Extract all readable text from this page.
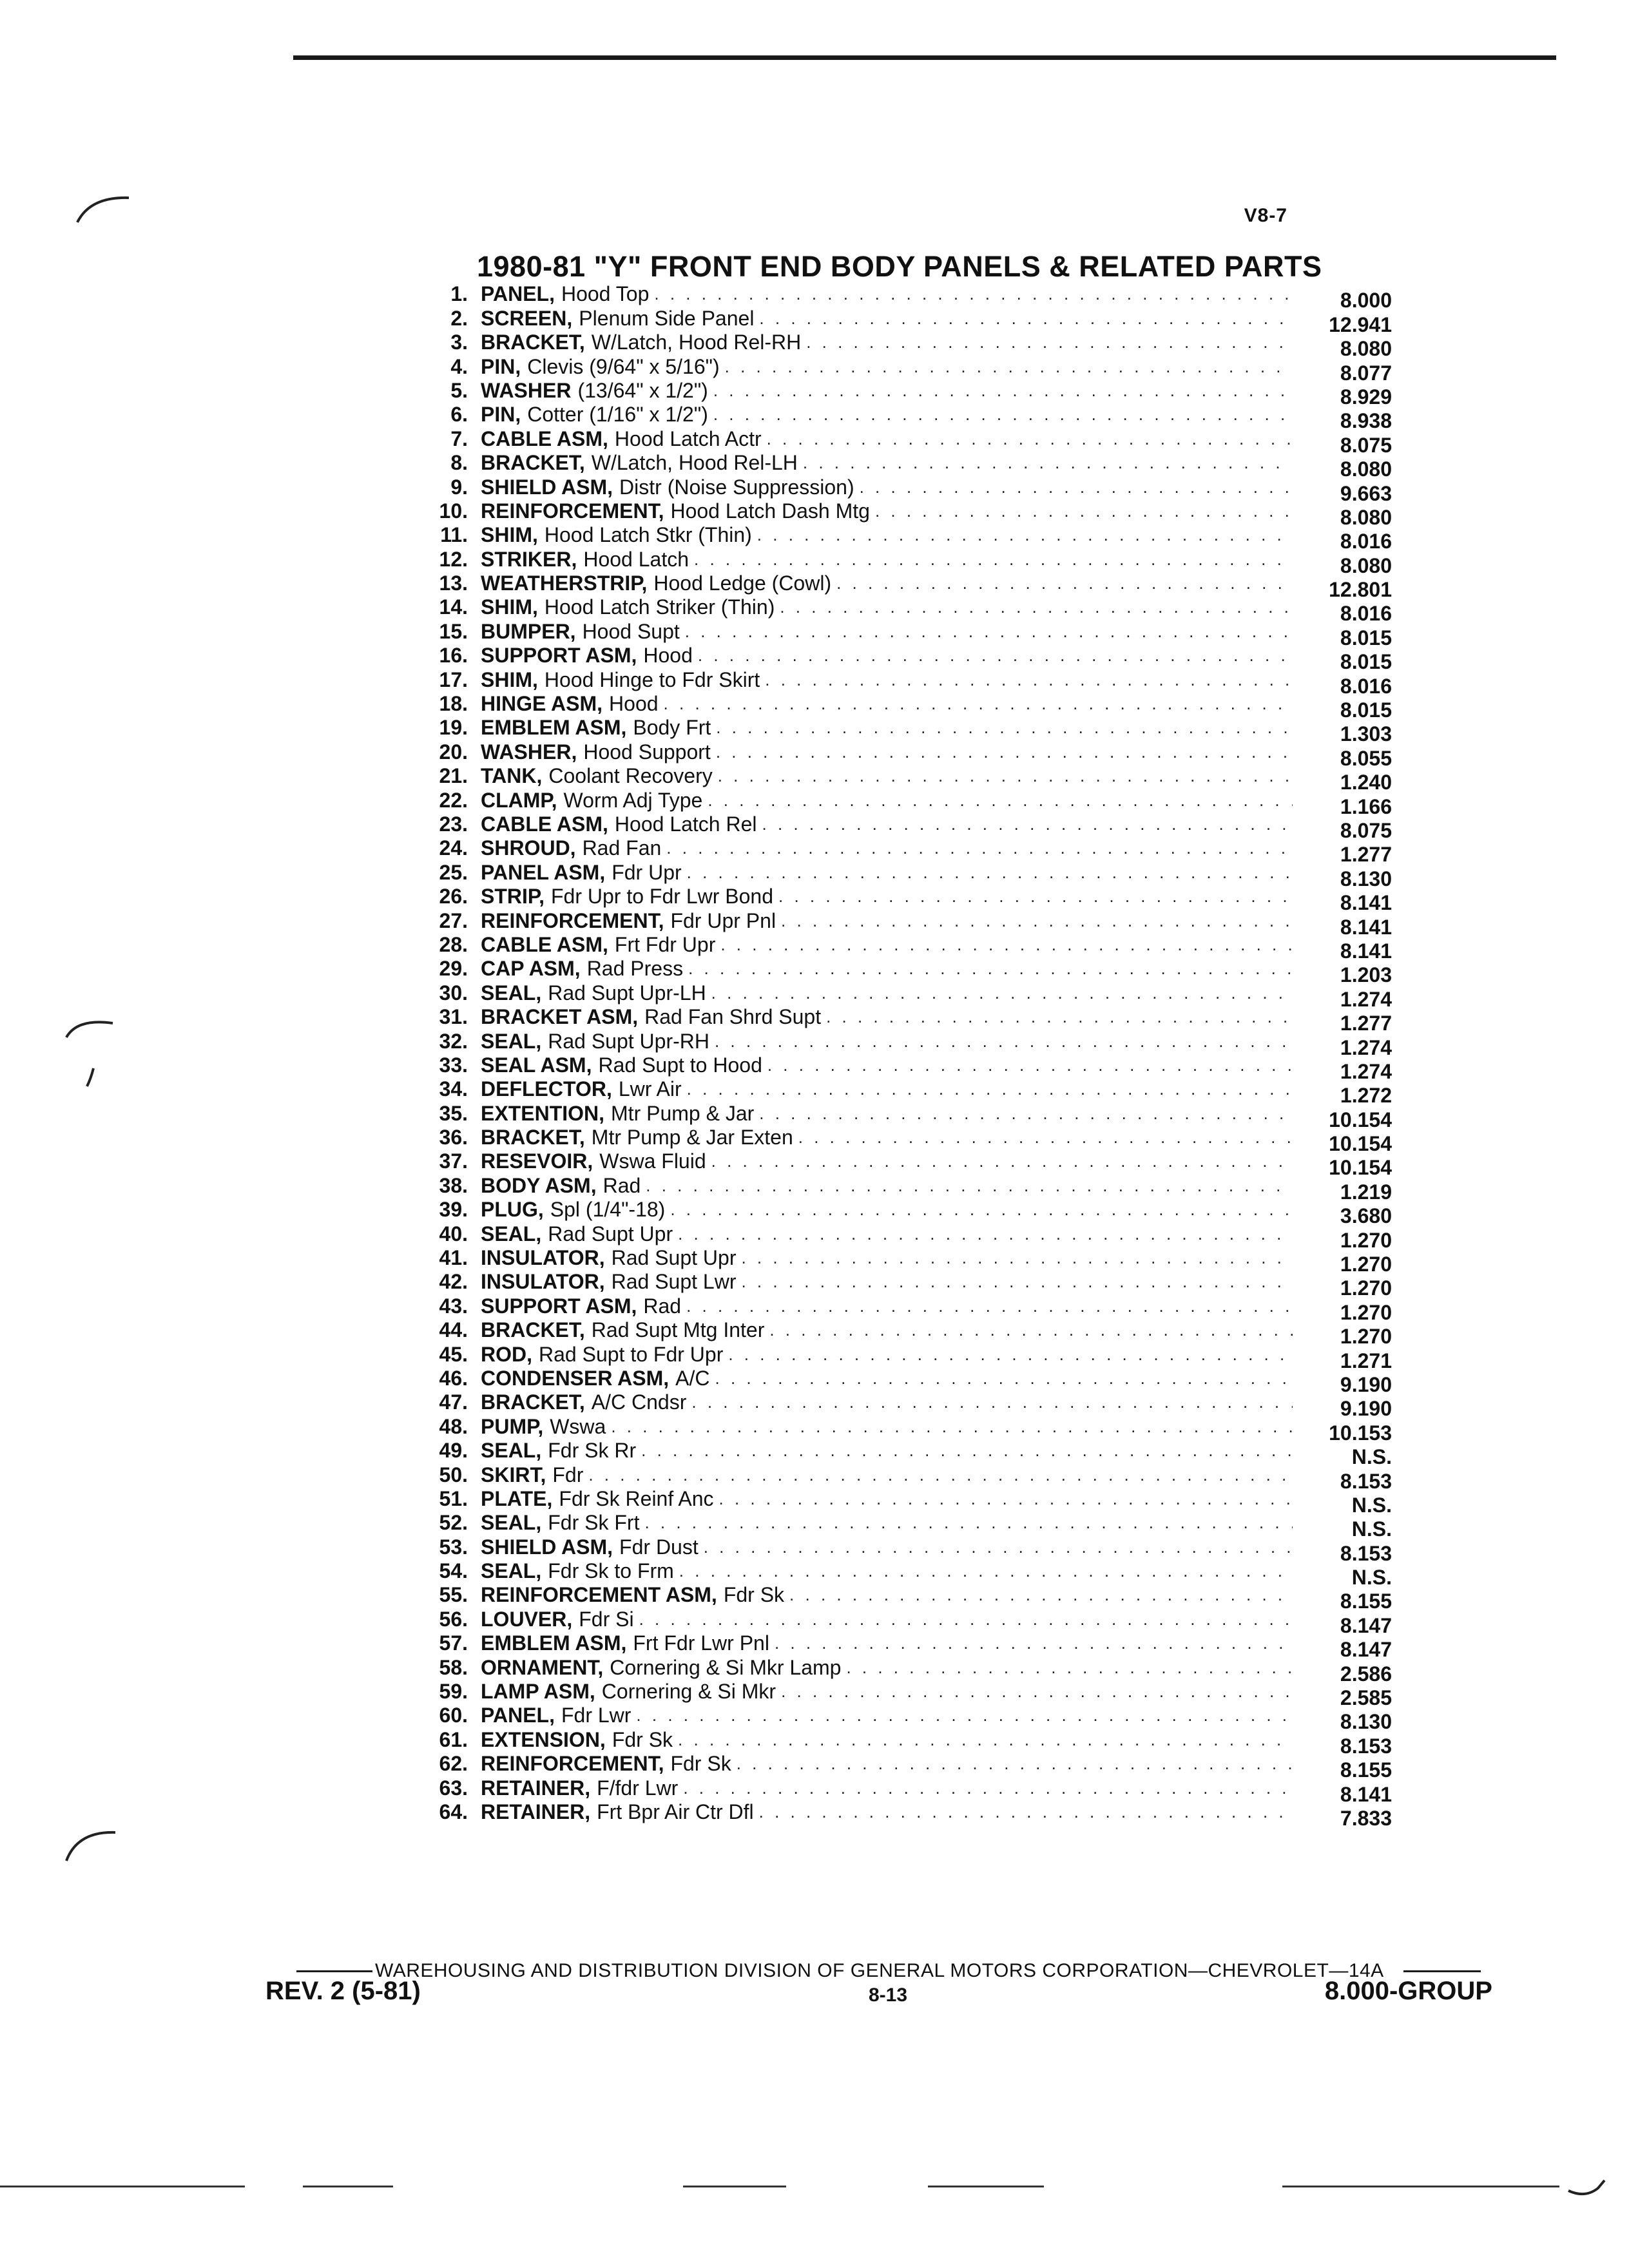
V8-7
1980-81 "Y" FRONT END BODY PANELS & RELATED PARTS
1. PANEL, Hood Top . . .	8.000
2. SCREEN, Plenum Side Panel . . .	12.941
3. BRACKET, W/Latch, Hood Rel-RH . . .	8.080
4. PIN, Clevis (9/64" x 5/16") . . .	8.077
5. WASHER (13/64" x 1/2") . . .	8.929
6. PIN, Cotter (1/16" x 1/2") . . .	8.938
7. CABLE ASM, Hood Latch Actr . . .	8.075
8. BRACKET, W/Latch, Hood Rel-LH . . .	8.080
9. SHIELD ASM, Distr (Noise Suppression) . . .	9.663
10. REINFORCEMENT, Hood Latch Dash Mtg . . .	8.080
11. SHIM, Hood Latch Stkr (Thin) . . .	8.016
12. STRIKER, Hood Latch . . .	8.080
13. WEATHERSTRIP, Hood Ledge (Cowl) . . .	12.801
14. SHIM, Hood Latch Striker (Thin) . . .	8.016
15. BUMPER, Hood Supt . . .	8.015
16. SUPPORT ASM, Hood . . .	8.015
17. SHIM, Hood Hinge to Fdr Skirt . . .	8.016
18. HINGE ASM, Hood . . .	8.015
19. EMBLEM ASM, Body Frt . . .	1.303
20. WASHER, Hood Support . . .	8.055
21. TANK, Coolant Recovery . . .	1.240
22. CLAMP, Worm Adj Type . . .	1.166
23. CABLE ASM, Hood Latch Rel . . .	8.075
24. SHROUD, Rad Fan . . .	1.277
25. PANEL ASM, Fdr Upr . . .	8.130
26. STRIP, Fdr Upr to Fdr Lwr Bond . . .	8.141
27. REINFORCEMENT, Fdr Upr Pnl . . .	8.141
28. CABLE ASM, Frt Fdr Upr . . .	8.141
29. CAP ASM, Rad Press . . .	1.203
30. SEAL, Rad Supt Upr-LH . . .	1.274
31. BRACKET ASM, Rad Fan Shrd Supt . . .	1.277
32. SEAL, Rad Supt Upr-RH . . .	1.274
33. SEAL ASM, Rad Supt to Hood . . .	1.274
34. DEFLECTOR, Lwr Air . . .	1.272
35. EXTENTION, Mtr Pump & Jar . . .	10.154
36. BRACKET, Mtr Pump & Jar Exten . . .	10.154
37. RESEVOIR, Wswa Fluid . . .	10.154
38. BODY ASM, Rad . . .	1.219
39. PLUG, Spl (1/4"-18) . . .	3.680
40. SEAL, Rad Supt Upr . . .	1.270
41. INSULATOR, Rad Supt Upr . . .	1.270
42. INSULATOR, Rad Supt Lwr . . .	1.270
43. SUPPORT ASM, Rad . . .	1.270
44. BRACKET, Rad Supt Mtg Inter . . .	1.270
45. ROD, Rad Supt to Fdr Upr . . .	1.271
46. CONDENSER ASM, A/C . . .	9.190
47. BRACKET, A/C Cndsr . . .	9.190
48. PUMP, Wswa . . .	10.153
49. SEAL, Fdr Sk Rr . . .	N.S.
50. SKIRT, Fdr . . .	8.153
51. PLATE, Fdr Sk Reinf Anc . . .	N.S.
52. SEAL, Fdr Sk Frt . . .	N.S.
53. SHIELD ASM, Fdr Dust . . .	8.153
54. SEAL, Fdr Sk to Frm . . .	N.S.
55. REINFORCEMENT ASM, Fdr Sk . . .	8.155
56. LOUVER, Fdr Si . . .	8.147
57. EMBLEM ASM, Frt Fdr Lwr Pnl . . .	8.147
58. ORNAMENT, Cornering & Si Mkr Lamp . . .	2.586
59. LAMP ASM, Cornering & Si Mkr . . .	2.585
60. PANEL, Fdr Lwr . . .	8.130
61. EXTENSION, Fdr Sk . . .	8.153
62. REINFORCEMENT, Fdr Sk . . .	8.155
63. RETAINER, F/fdr Lwr . . .	8.141
64. RETAINER, Frt Bpr Air Ctr Dfl . . .	7.833
WAREHOUSING AND DISTRIBUTION DIVISION OF GENERAL MOTORS CORPORATION—CHEVROLET—14A
REV. 2 (5-81)	8-13	8.000-GROUP
